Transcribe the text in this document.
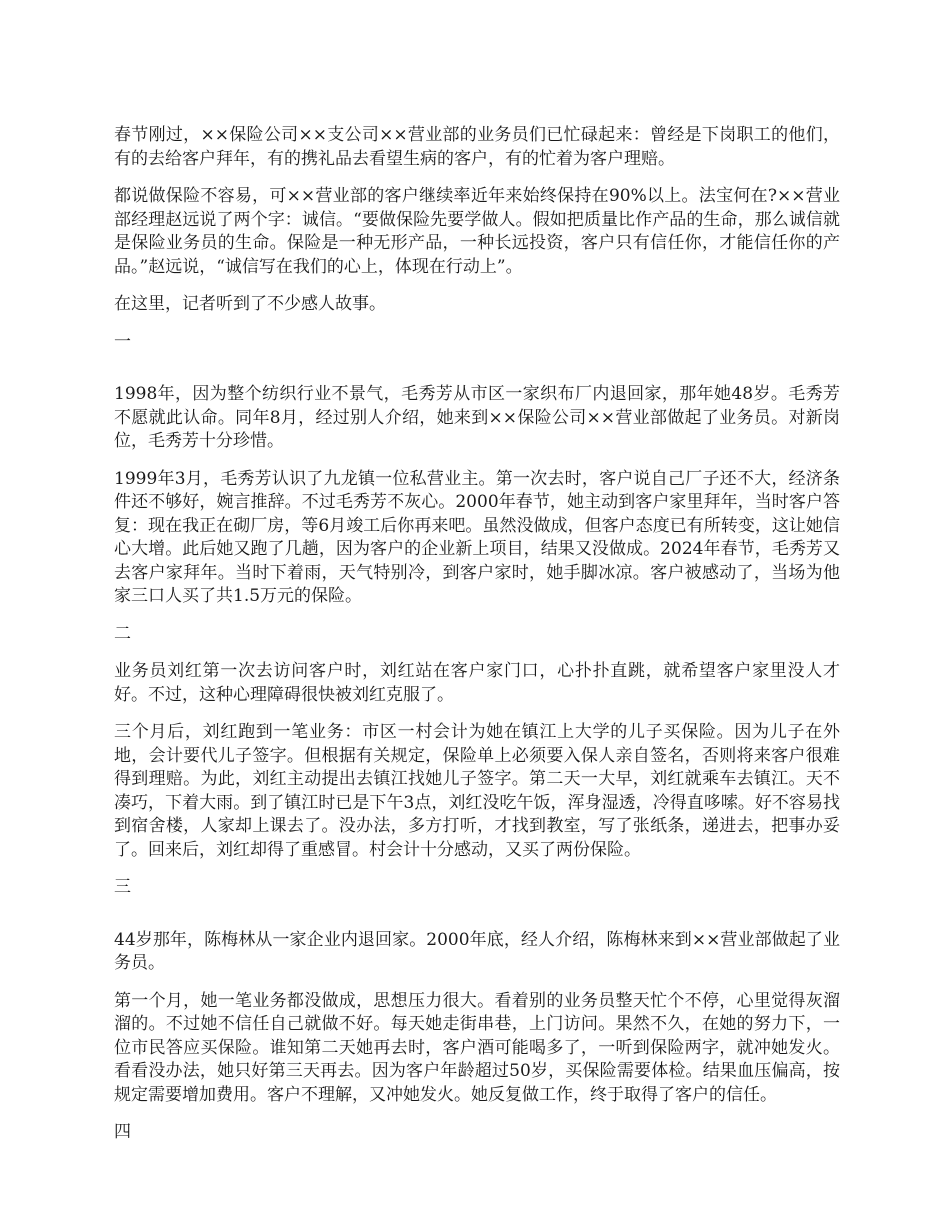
春节刚过，××保险公司××支公司××营业部的业务员们已忙碌起来：曾经是下岗职工的他们，有的去给客户拜年，有的携礼品去看望生病的客户，有的忙着为客户理赔。

都说做保险不容易，可××营业部的客户继续率近年来始终保持在90%以上。法宝何在?××营业部经理赵远说了两个字：诚信。“要做保险先要学做人。假如把质量比作产品的生命，那么诚信就是保险业务员的生命。保险是一种无形产品，一种长远投资，客户只有信任你，才能信任你的产品。”赵远说，“诚信写在我们的心上，体现在行动上”。

在这里，记者听到了不少感人故事。

一

1998年，因为整个纺织行业不景气，毛秀芳从市区一家织布厂内退回家，那年她48岁。毛秀芳不愿就此认命。同年8月，经过别人介绍，她来到××保险公司××营业部做起了业务员。对新岗位，毛秀芳十分珍惜。

1999年3月，毛秀芳认识了九龙镇一位私营业主。第一次去时，客户说自己厂子还不大，经济条件还不够好，婉言推辞。不过毛秀芳不灰心。2000年春节，她主动到客户家里拜年，当时客户答复：现在我正在砌厂房，等6月竣工后你再来吧。虽然没做成，但客户态度已有所转变，这让她信心大增。此后她又跑了几趟，因为客户的企业新上项目，结果又没做成。2024年春节，毛秀芳又去客户家拜年。当时下着雨，天气特别冷，到客户家时，她手脚冰凉。客户被感动了，当场为他家三口人买了共1.5万元的保险。

二

业务员刘红第一次去访问客户时，刘红站在客户家门口，心扑扑直跳，就希望客户家里没人才好。不过，这种心理障碍很快被刘红克服了。

三个月后，刘红跑到一笔业务：市区一村会计为她在镇江上大学的儿子买保险。因为儿子在外地，会计要代儿子签字。但根据有关规定，保险单上必须要入保人亲自签名，否则将来客户很难得到理赔。为此，刘红主动提出去镇江找她儿子签字。第二天一大早，刘红就乘车去镇江。天不凑巧，下着大雨。到了镇江时已是下午3点，刘红没吃午饭，浑身湿透，冷得直哆嗦。好不容易找到宿舍楼，人家却上课去了。没办法，多方打听，才找到教室，写了张纸条，递进去，把事办妥了。回来后，刘红却得了重感冒。村会计十分感动，又买了两份保险。

三

44岁那年，陈梅林从一家企业内退回家。2000年底，经人介绍，陈梅林来到××营业部做起了业务员。

第一个月，她一笔业务都没做成，思想压力很大。看着别的业务员整天忙个不停，心里觉得灰溜溜的。不过她不信任自己就做不好。每天她走街串巷，上门访问。果然不久，在她的努力下，一位市民答应买保险。谁知第二天她再去时，客户酒可能喝多了，一听到保险两字，就冲她发火。看看没办法，她只好第三天再去。因为客户年龄超过50岁，买保险需要体检。结果血压偏高，按规定需要增加费用。客户不理解，又冲她发火。她反复做工作，终于取得了客户的信任。

四
